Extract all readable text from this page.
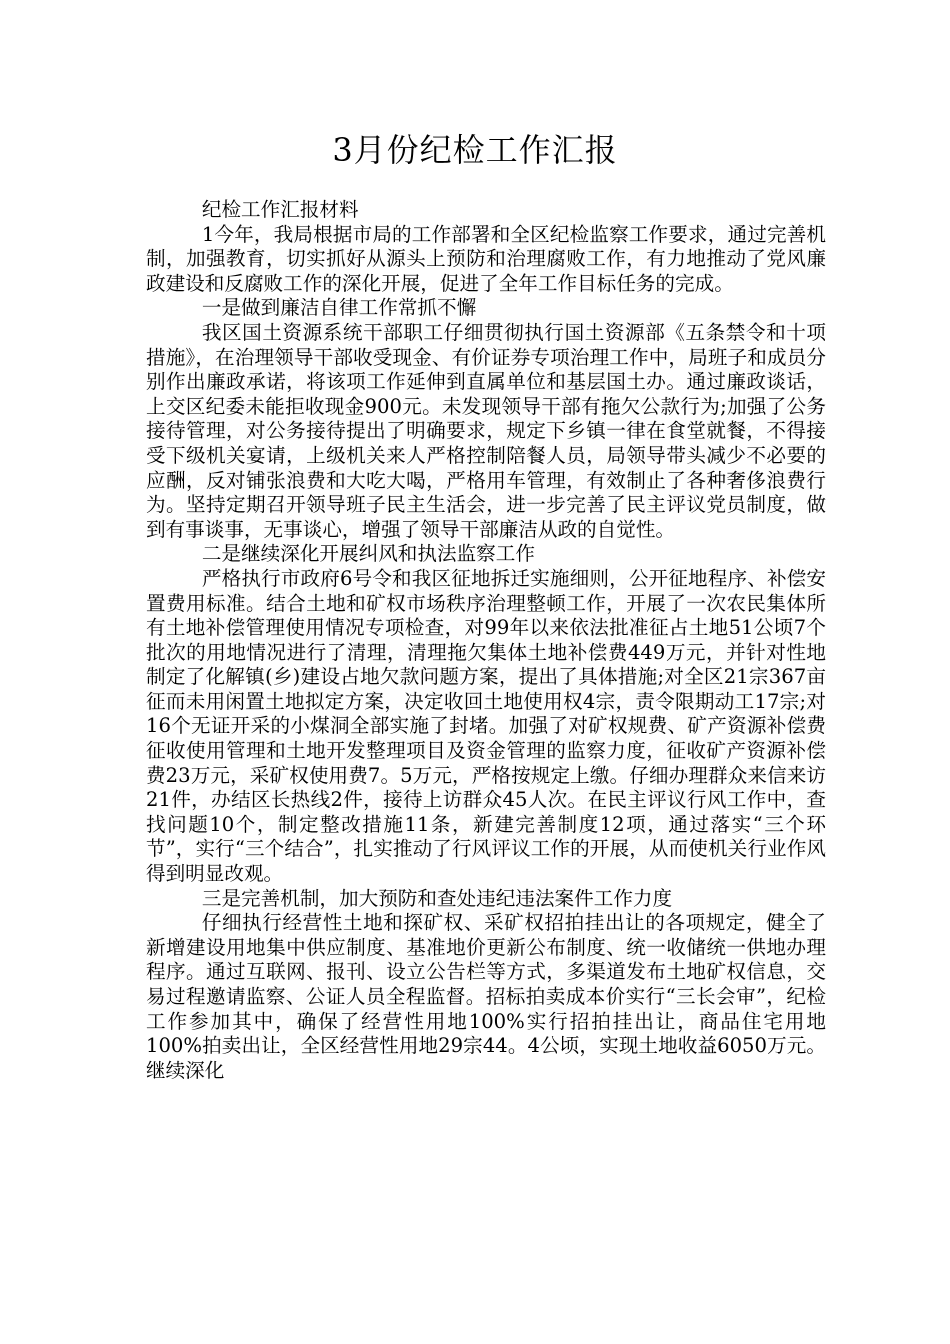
3月份纪检工作汇报

纪检工作汇报材料

1今年，我局根据市局的工作部署和全区纪检监察工作要求，通过完善机制，加强教育，切实抓好从源头上预防和治理腐败工作，有力地推动了党风廉政建设和反腐败工作的深化开展，促进了全年工作目标任务的完成。

一是做到廉洁自律工作常抓不懈

我区国土资源系统干部职工仔细贯彻执行国土资源部《五条禁令和十项措施》，在治理领导干部收受现金、有价证券专项治理工作中，局班子和成员分别作出廉政承诺，将该项工作延伸到直属单位和基层国土办。通过廉政谈话，上交区纪委未能拒收现金900元。未发现领导干部有拖欠公款行为;加强了公务接待管理，对公务接待提出了明确要求，规定下乡镇一律在食堂就餐，不得接受下级机关宴请，上级机关来人严格控制陪餐人员，局领导带头减少不必要的应酬，反对铺张浪费和大吃大喝，严格用车管理，有效制止了各种奢侈浪费行为。坚持定期召开领导班子民主生活会，进一步完善了民主评议党员制度，做到有事谈事，无事谈心，增强了领导干部廉洁从政的自觉性。

二是继续深化开展纠风和执法监察工作

严格执行市政府6号令和我区征地拆迁实施细则，公开征地程序、补偿安置费用标准。结合土地和矿权市场秩序治理整顿工作，开展了一次农民集体所有土地补偿管理使用情况专项检查，对99年以来依法批准征占土地51公顷7个批次的用地情况进行了清理，清理拖欠集体土地补偿费449万元，并针对性地制定了化解镇(乡)建设占地欠款问题方案，提出了具体措施;对全区21宗367亩征而未用闲置土地拟定方案，决定收回土地使用权4宗，责令限期动工17宗;对16个无证开采的小煤洞全部实施了封堵。加强了对矿权规费、矿产资源补偿费征收使用管理和土地开发整理项目及资金管理的监察力度，征收矿产资源补偿费23万元，采矿权使用费7。5万元，严格按规定上缴。仔细办理群众来信来访21件，办结区长热线2件，接待上访群众45人次。在民主评议行风工作中，查找问题10个，制定整改措施11条，新建完善制度12项，通过落实“三个环节”，实行“三个结合”，扎实推动了行风评议工作的开展，从而使机关行业作风得到明显改观。

三是完善机制，加大预防和查处违纪违法案件工作力度

仔细执行经营性土地和探矿权、采矿权招拍挂出让的各项规定，健全了新增建设用地集中供应制度、基准地价更新公布制度、统一收储统一供地办理程序。通过互联网、报刊、设立公告栏等方式，多渠道发布土地矿权信息，交易过程邀请监察、公证人员全程监督。招标拍卖成本价实行“三长会审”，纪检工作参加其中，确保了经营性用地100%实行招拍挂出让，商品住宅用地100%拍卖出让，全区经营性用地29宗44。4公顷，实现土地收益6050万元。继续深化
